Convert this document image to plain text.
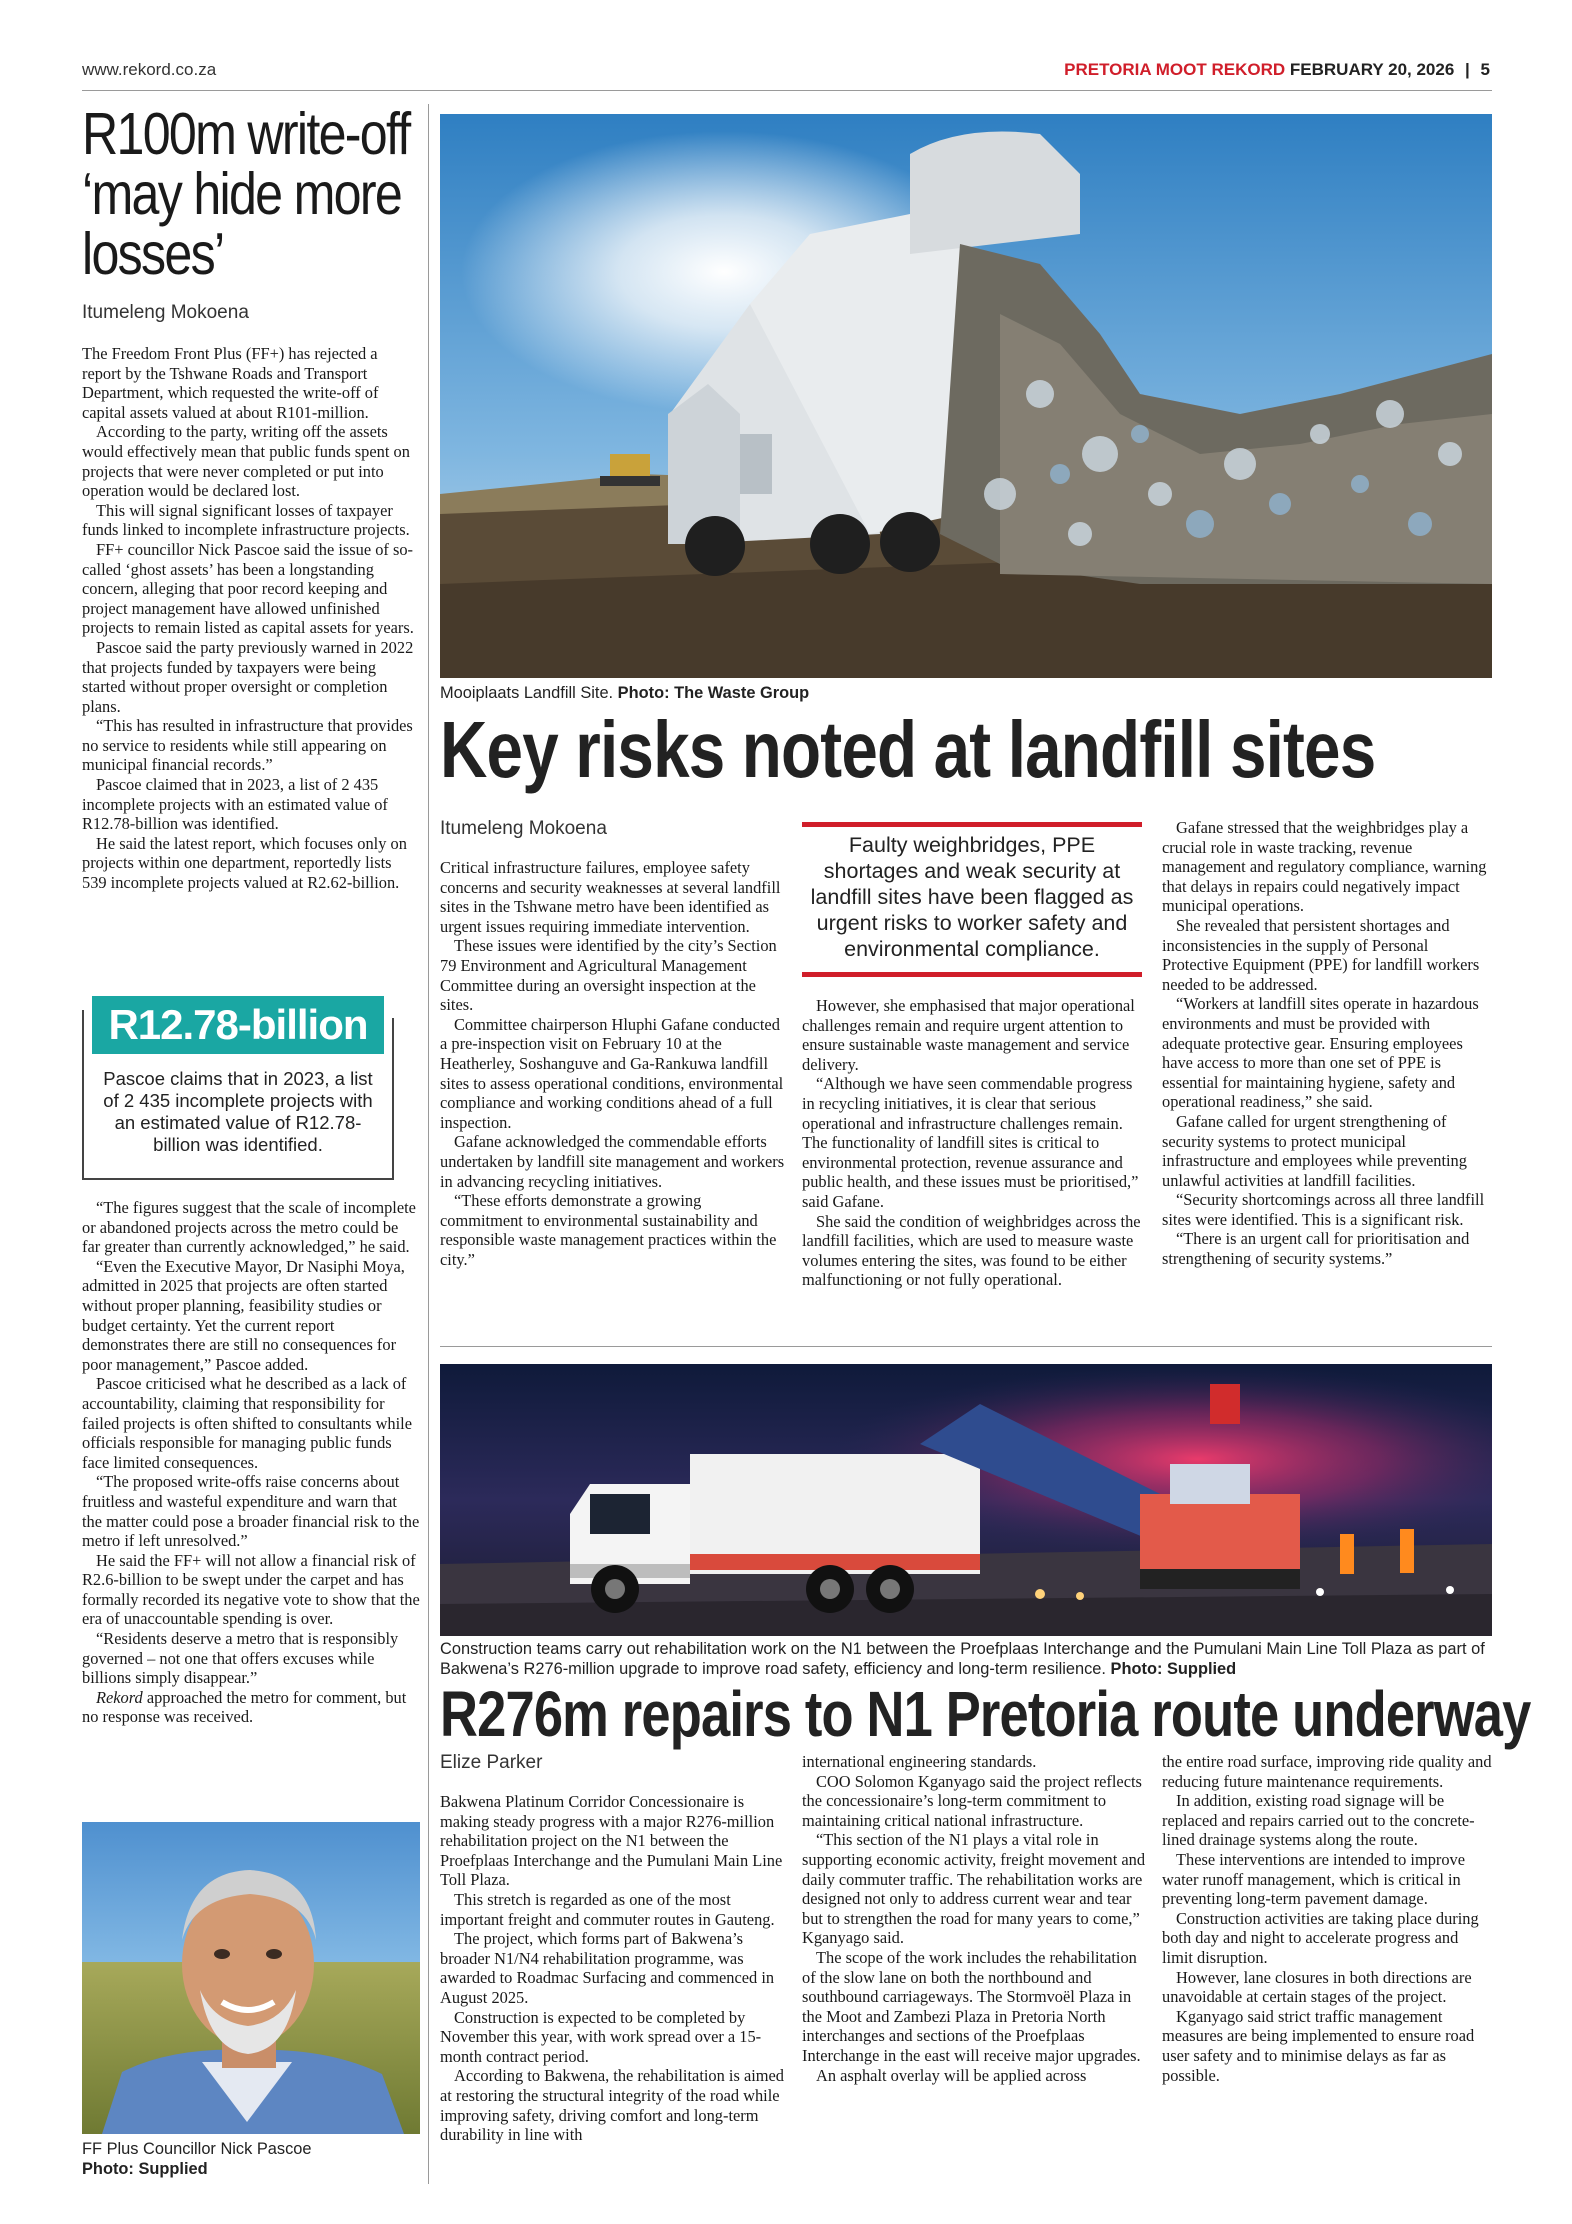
www.rekord.co.za	PRETORIA MOOT REKORD FEBRUARY 20, 2026 | 5
R100m write-off ‘may hide more losses’
Itumeleng Mokoena

The Freedom Front Plus (FF+) has rejected a report by the Tshwane Roads and Transport Department, which requested the write-off of capital assets valued at about R101-million.

According to the party, writing off the assets would effectively mean that public funds spent on projects that were never completed or put into operation would be declared lost.

This will signal significant losses of taxpayer funds linked to incomplete infrastructure projects.

FF+ councillor Nick Pascoe said the issue of so-called ‘ghost assets’ has been a longstanding concern, alleging that poor record keeping and project management have allowed unfinished projects to remain listed as capital assets for years.

Pascoe said the party previously warned in 2022 that projects funded by taxpayers were being started without proper oversight or completion plans.

“This has resulted in infrastructure that provides no service to residents while still appearing on municipal financial records.”

Pascoe claimed that in 2023, a list of 2 435 incomplete projects with an estimated value of R12.78-billion was identified.

He said the latest report, which focuses only on projects within one department, reportedly lists 539 incomplete projects valued at R2.62-billion.

R12.78-billion
Pascoe claims that in 2023, a list of 2 435 incomplete projects with an estimated value of R12.78-billion was identified.

“The figures suggest that the scale of incomplete or abandoned projects across the metro could be far greater than currently acknowledged,” he said.

“Even the Executive Mayor, Dr Nasiphi Moya, admitted in 2025 that projects are often started without proper planning, feasibility studies or budget certainty. Yet the current report demonstrates there are still no consequences for poor management,” Pascoe added.

Pascoe criticised what he described as a lack of accountability, claiming that responsibility for failed projects is often shifted to consultants while officials responsible for managing public funds face limited consequences.

“The proposed write-offs raise concerns about fruitless and wasteful expenditure and warn that the matter could pose a broader financial risk to the metro if left unresolved.”

He said the FF+ will not allow a financial risk of R2.6-billion to be swept under the carpet and has formally recorded its negative vote to show that the era of unaccountable spending is over.

“Residents deserve a metro that is responsibly governed – not one that offers excuses while billions simply disappear.”

Rekord approached the metro for comment, but no response was received.

FF Plus Councillor Nick Pascoe
Photo: Supplied
Mooiplaats Landfill Site. Photo: The Waste Group
Key risks noted at landfill sites
Itumeleng Mokoena

Critical infrastructure failures, employee safety concerns and security weaknesses at several landfill sites in the Tshwane metro have been identified as urgent issues requiring immediate intervention.

These issues were identified by the city’s Section 79 Environment and Agricultural Management Committee during an oversight inspection at the sites.

Committee chairperson Hluphi Gafane conducted a pre-inspection visit on February 10 at the Heatherley, Soshanguve and Ga-Rankuwa landfill sites to assess operational conditions, environmental compliance and working conditions ahead of a full inspection.

Gafane acknowledged the commendable efforts undertaken by landfill site management and workers in advancing recycling initiatives.

“These efforts demonstrate a growing commitment to environmental sustainability and responsible waste management practices within the city.”

Faulty weighbridges, PPE shortages and weak security at landfill sites have been flagged as urgent risks to worker safety and environmental compliance.

However, she emphasised that major operational challenges remain and require urgent attention to ensure sustainable waste management and service delivery.

“Although we have seen commendable progress in recycling initiatives, it is clear that serious operational and infrastructure challenges remain. The functionality of landfill sites is critical to environmental protection, revenue assurance and public health, and these issues must be prioritised,” said Gafane.

She said the condition of weighbridges across the landfill facilities, which are used to measure waste volumes entering the sites, was found to be either malfunctioning or not fully operational.

Gafane stressed that the weighbridges play a crucial role in waste tracking, revenue management and regulatory compliance, warning that delays in repairs could negatively impact municipal operations.

She revealed that persistent shortages and inconsistencies in the supply of Personal Protective Equipment (PPE) for landfill workers needed to be addressed.

“Workers at landfill sites operate in hazardous environments and must be provided with adequate protective gear. Ensuring employees have access to more than one set of PPE is essential for maintaining hygiene, safety and operational readiness,” she said.

Gafane called for urgent strengthening of security systems to protect municipal infrastructure and employees while preventing unlawful activities at landfill facilities.

“Security shortcomings across all three landfill sites were identified. This is a significant risk.

“There is an urgent call for prioritisation and strengthening of security systems.”

Construction teams carry out rehabilitation work on the N1 between the Proefplaas Interchange and the Pumulani Main Line Toll Plaza as part of Bakwena’s R276-million upgrade to improve road safety, efficiency and long-term resilience. Photo: Supplied
R276m repairs to N1 Pretoria route underway
Elize Parker

Bakwena Platinum Corridor Concessionaire is making steady progress with a major R276-million rehabilitation project on the N1 between the Proefplaas Interchange and the Pumulani Main Line Toll Plaza.

This stretch is regarded as one of the most important freight and commuter routes in Gauteng.

The project, which forms part of Bakwena’s broader N1/N4 rehabilitation programme, was awarded to Roadmac Surfacing and commenced in August 2025.

Construction is expected to be completed by November this year, with work spread over a 15-month contract period.

According to Bakwena, the rehabilitation is aimed at restoring the structural integrity of the road while improving safety, driving comfort and long-term durability in line with

international engineering standards.

COO Solomon Kganyago said the project reflects the concessionaire’s long-term commitment to maintaining critical national infrastructure.

“This section of the N1 plays a vital role in supporting economic activity, freight movement and daily commuter traffic. The rehabilitation works are designed not only to address current wear and tear but to strengthen the road for many years to come,” Kganyago said.

The scope of the work includes the rehabilitation of the slow lane on both the northbound and southbound carriageways. The Stormvoël Plaza in the Moot and Zambezi Plaza in Pretoria North interchanges and sections of the Proefplaas Interchange in the east will receive major upgrades.

An asphalt overlay will be applied across

the entire road surface, improving ride quality and reducing future maintenance requirements.

In addition, existing road signage will be replaced and repairs carried out to the concrete-lined drainage systems along the route.

These interventions are intended to improve water runoff management, which is critical in preventing long-term pavement damage.

Construction activities are taking place during both day and night to accelerate progress and limit disruption.

However, lane closures in both directions are unavoidable at certain stages of the project.

Kganyago said strict traffic management measures are being implemented to ensure road user safety and to minimise delays as far as possible.
